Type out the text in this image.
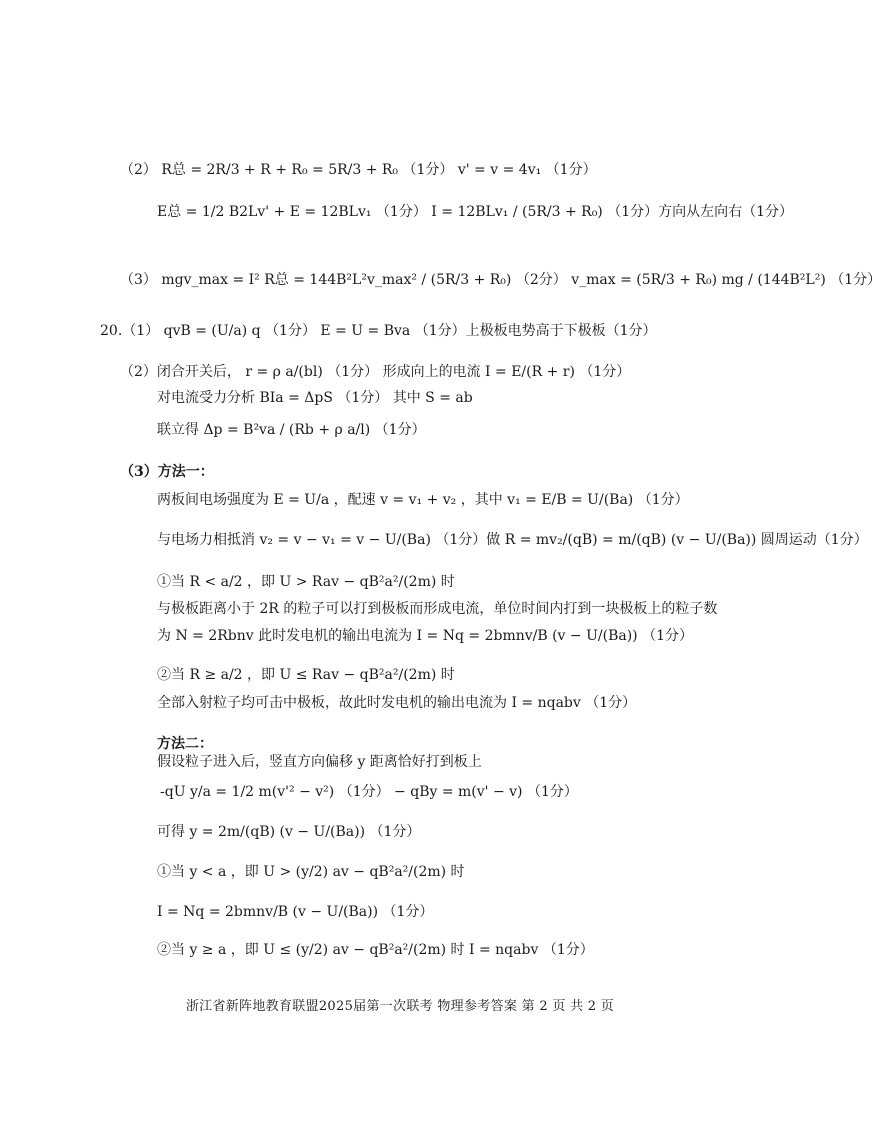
（2） R总 = 2R/3 + R + R₀ = 5R/3 + R₀ （1分） v' = v = 4v₁ （1分）
E总 = 1/2 B2Lv' + E = 12BLv₁ （1分） I = 12BLv₁ / (5R/3 + R₀) （1分）方向从左向右（1分）
（3） mgv_max = I² R总 = 144B²L²v_max² / (5R/3 + R₀) （2分） v_max = (5R/3 + R₀) mg / (144B²L²) （1分）
20.（1） qvB = (U/a) q （1分） E = U = Bva （1分）上极板电势高于下极板（1分）
（2）闭合开关后， r = ρ a/(bl) （1分） 形成向上的电流 I = E/(R + r) （1分）
对电流受力分析 BIa = ΔpS （1分） 其中 S = ab
联立得 Δp = B²va / (Rb + ρ a/l) （1分）
（3）方法一：
两板间电场强度为 E = U/a ，配速 v = v₁ + v₂ ，其中 v₁ = E/B = U/(Ba) （1分）
与电场力相抵消 v₂ = v − v₁ = v − U/(Ba) （1分）做 R = mv₂/(qB) = m/(qB) (v − U/(Ba)) 圆周运动（1分）
①当 R < a/2 ，即 U > Rav − qB²a²/(2m) 时
与极板距离小于 2R 的粒子可以打到极板而形成电流，单位时间内打到一块极板上的粒子数
为 N = 2Rbnv 此时发电机的输出电流为 I = Nq = 2bmnv/B (v − U/(Ba)) （1分）
②当 R ≥ a/2 ，即 U ≤ Rav − qB²a²/(2m) 时
全部入射粒子均可击中极板，故此时发电机的输出电流为 I = nqabv （1分）
方法二：
假设粒子进入后，竖直方向偏移 y 距离恰好打到板上
-qU y/a = 1/2 m(v'² − v²) （1分） − qBy = m(v' − v) （1分）
可得 y = 2m/(qB) (v − U/(Ba)) （1分）
①当 y < a ，即 U > (y/2) av − qB²a²/(2m) 时
I = Nq = 2bmnv/B (v − U/(Ba)) （1分）
②当 y ≥ a ，即 U ≤ (y/2) av − qB²a²/(2m) 时 I = nqabv （1分）
浙江省新阵地教育联盟2025届第一次联考 物理参考答案 第 2 页 共 2 页
